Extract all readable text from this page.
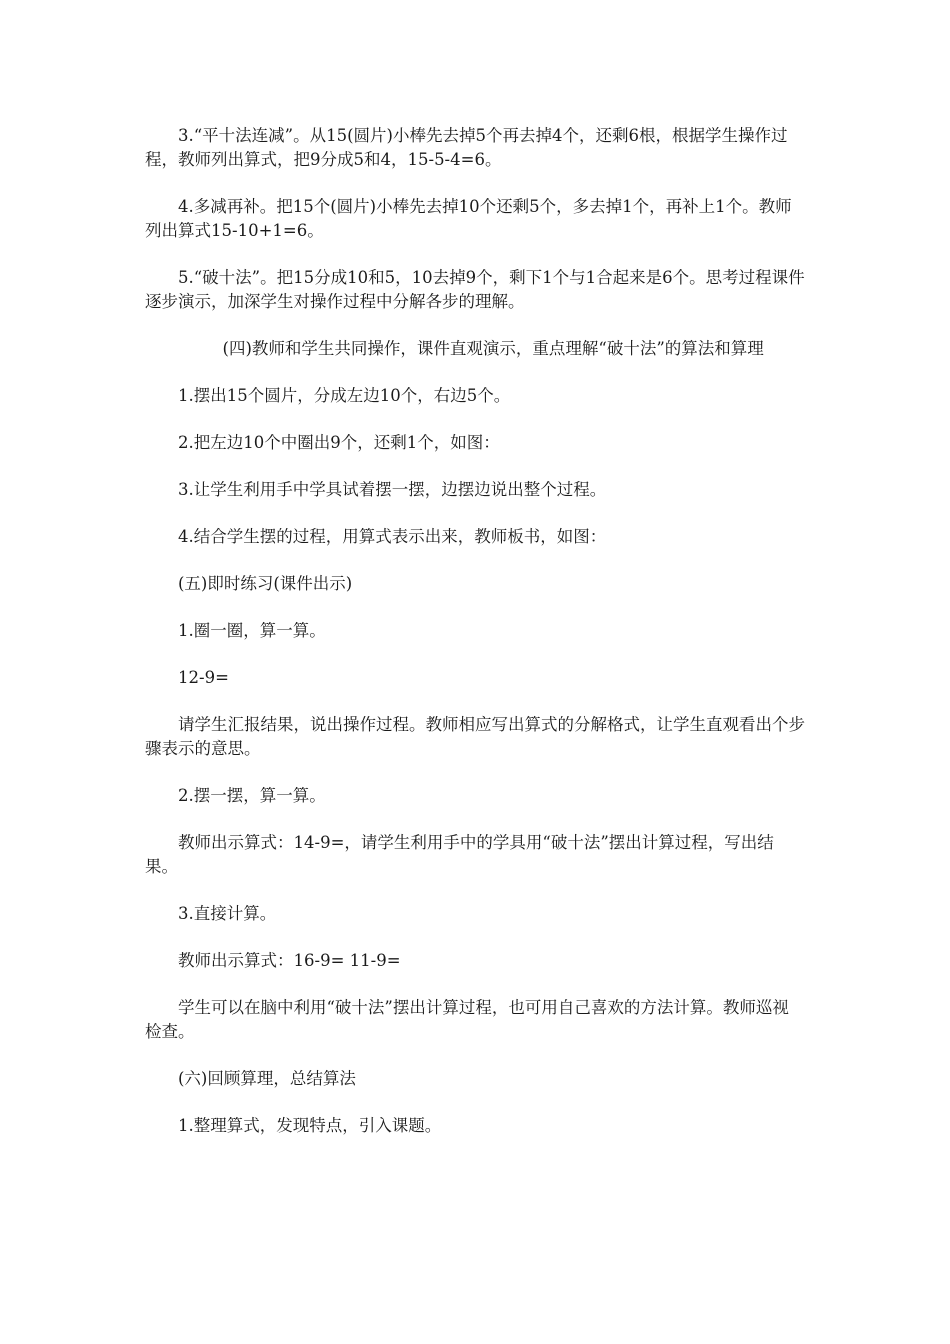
3.“平十法连减”。从15(圆片)小棒先去掉5个再去掉4个，还剩6根，根据学生操作过程，教师列出算式，把9分成5和4，15-5-4=6。

4.多减再补。把15个(圆片)小棒先去掉10个还剩5个，多去掉1个，再补上1个。教师列出算式15-10+1=6。

5.“破十法”。把15分成10和5，10去掉9个，剩下1个与1合起来是6个。思考过程课件逐步演示，加深学生对操作过程中分解各步的理解。

(四)教师和学生共同操作，课件直观演示，重点理解“破十法”的算法和算理

1.摆出15个圆片，分成左边10个，右边5个。

2.把左边10个中圈出9个，还剩1个，如图：

3.让学生利用手中学具试着摆一摆，边摆边说出整个过程。

4.结合学生摆的过程，用算式表示出来，教师板书，如图：

(五)即时练习(课件出示)

1.圈一圈，算一算。

12-9=

请学生汇报结果，说出操作过程。教师相应写出算式的分解格式，让学生直观看出个步骤表示的意思。

2.摆一摆，算一算。

教师出示算式：14-9=，请学生利用手中的学具用“破十法”摆出计算过程，写出结果。

3.直接计算。

教师出示算式：16-9= 11-9=

学生可以在脑中利用“破十法”摆出计算过程，也可用自己喜欢的方法计算。教师巡视检查。

(六)回顾算理，总结算法

1.整理算式，发现特点，引入课题。
